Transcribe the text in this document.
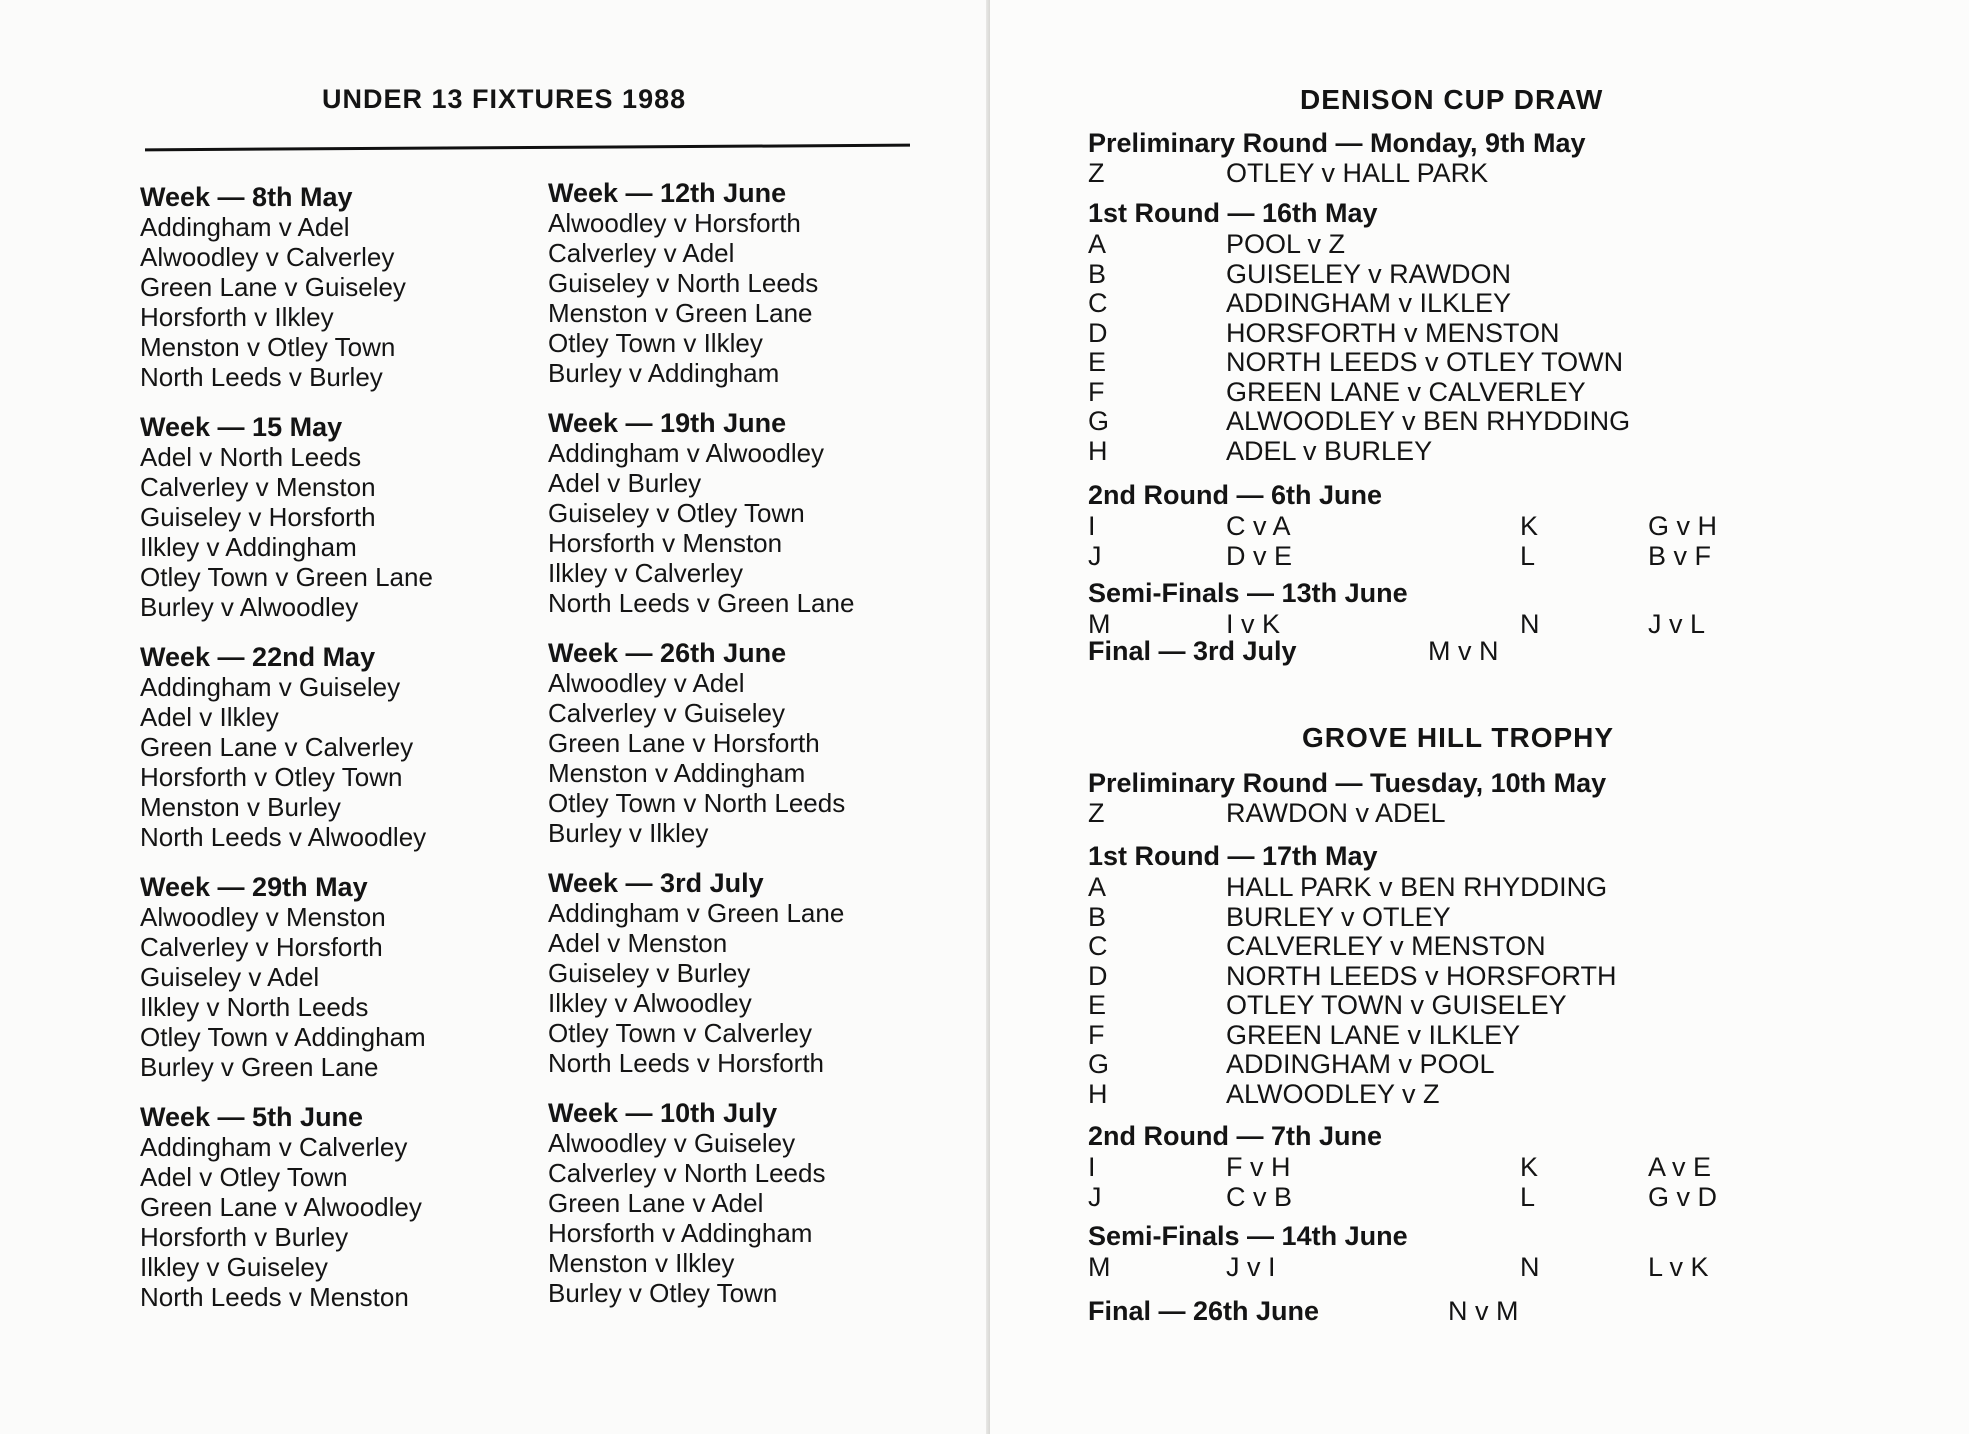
UNDER 13 FIXTURES 1988
Week — 8th May
Addingham v Adel
Alwoodley v Calverley
Green Lane v Guiseley
Horsforth v Ilkley
Menston v Otley Town
North Leeds v Burley
Week — 15 May
Adel v North Leeds
Calverley v Menston
Guiseley v Horsforth
Ilkley v Addingham
Otley Town v Green Lane
Burley v Alwoodley
Week — 22nd May
Addingham v Guiseley
Adel v Ilkley
Green Lane v Calverley
Horsforth v Otley Town
Menston v Burley
North Leeds v Alwoodley
Week — 29th May
Alwoodley v Menston
Calverley v Horsforth
Guiseley v Adel
Ilkley v North Leeds
Otley Town v Addingham
Burley v Green Lane
Week — 5th June
Addingham v Calverley
Adel v Otley Town
Green Lane v Alwoodley
Horsforth v Burley
Ilkley v Guiseley
North Leeds v Menston
Week — 12th June
Alwoodley v Horsforth
Calverley v Adel
Guiseley v North Leeds
Menston v Green Lane
Otley Town v Ilkley
Burley v Addingham
Week — 19th June
Addingham v Alwoodley
Adel v Burley
Guiseley v Otley Town
Horsforth v Menston
Ilkley v Calverley
North Leeds v Green Lane
Week — 26th June
Alwoodley v Adel
Calverley v Guiseley
Green Lane v Horsforth
Menston v Addingham
Otley Town v North Leeds
Burley v Ilkley
Week — 3rd July
Addingham v Green Lane
Adel v Menston
Guiseley v Burley
Ilkley v Alwoodley
Otley Town v Calverley
North Leeds v Horsforth
Week — 10th July
Alwoodley v Guiseley
Calverley v North Leeds
Green Lane v Adel
Horsforth v Addingham
Menston v Ilkley
Burley v Otley Town
DENISON CUP DRAW
GROVE HILL TROPHY
Preliminary Round — Monday, 9th May
Z	OTLEY v HALL PARK
1st Round — 16th May
A	POOL v Z
B	GUISELEY v RAWDON
C	ADDINGHAM v ILKLEY
D	HORSFORTH v MENSTON
E	NORTH LEEDS v OTLEY TOWN
F	GREEN LANE v CALVERLEY
G	ALWOODLEY v BEN RHYDDING
H	ADEL v BURLEY
2nd Round — 6th June
I	C v A	K	G v H
J	D v E	L	B v F
Semi-Finals — 13th June
M	I v K	N	J v L
Final — 3rd July	M v N
Preliminary Round — Tuesday, 10th May
Z	RAWDON v ADEL
1st Round — 17th May
A	HALL PARK v BEN RHYDDING
B	BURLEY v OTLEY
C	CALVERLEY v MENSTON
D	NORTH LEEDS v HORSFORTH
E	OTLEY TOWN v GUISELEY
F	GREEN LANE v ILKLEY
G	ADDINGHAM v POOL
H	ALWOODLEY v Z
2nd Round — 7th June
I	F v H	K	A v E
J	C v B	L	G v D
Semi-Finals — 14th June
M	J v I	N	L v K
Final — 26th June	N v M
